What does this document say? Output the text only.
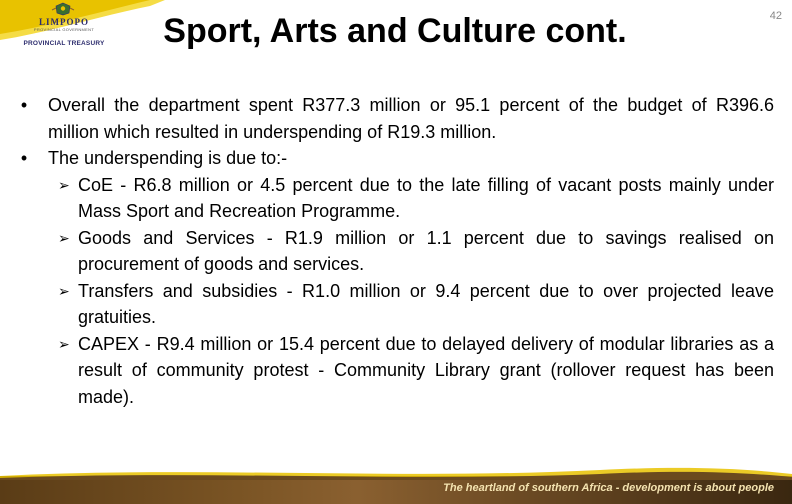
LIMPOPO
PROVINCIAL GOVERNMENT
PROVINCIAL TREASURY	Sport, Arts and Culture cont.	42
•	Overall the department spent R377.3 million or 95.1 percent of the budget of R396.6 million which resulted in underspending of R19.3 million.
•	The underspending is due to:-
➢ CoE - R6.8 million or 4.5 percent due to the late filling of vacant posts mainly under Mass Sport and Recreation Programme.
➢ Goods and Services - R1.9 million or 1.1 percent due to savings realised on procurement of goods and services.
➢ Transfers and subsidies - R1.0 million or 9.4 percent due to over projected leave gratuities.
➢ CAPEX - R9.4 million or 15.4 percent due to delayed delivery of modular libraries as a result of community protest - Community Library grant (rollover request has been made).
The heartland of southern Africa - development is about people
